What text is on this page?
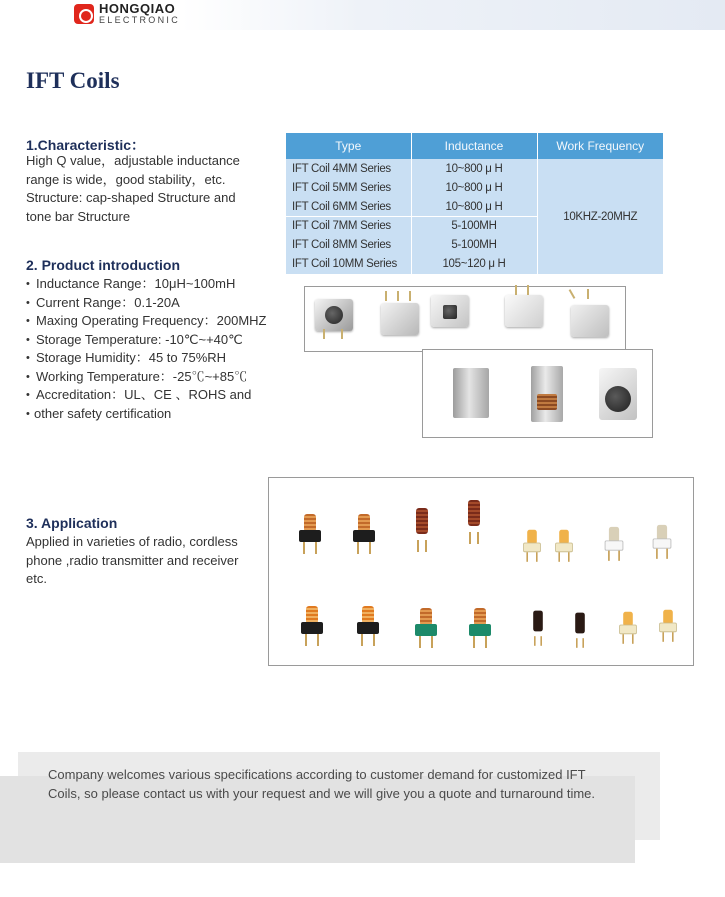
HONGQIAO
ELECTRONIC
IFT Coils
1.Characteristic：
High Q value，adjustable inductance
range is wide，good stability，etc.
Structure: cap-shaped Structure and
tone bar Structure
2. Product introduction
• Inductance Range：10μH~100mH
• Current Range：0.1-20A
• Maxing Operating Frequency：200MHZ
• Storage Temperature: -10℃~+40℃
• Storage Humidity：45 to 75%RH
• Working Temperature：-25℃~+85℃
• Accreditation：UL、CE 、ROHS and
• other safety certification
Type	Inductance	Work Frequency
IFT Coil 4MM Series	10~800 μ H	10KHZ-20MHZ
IFT Coil 5MM Series	10~800 μ H	
IFT Coil 6MM Series	10~800 μ H	
IFT Coil 7MM Series	5-100MH	
IFT Coil 8MM Series	5-100MH	
IFT Coil 10MM Series	105~120 μ H	
3. Application
Applied in varieties of radio, cordless
phone ,radio transmitter and receiver
etc.
Company welcomes various specifications according to customer demand for customized IFT
Coils, so please contact us with your request and we will give you a quote and turnaround time.
